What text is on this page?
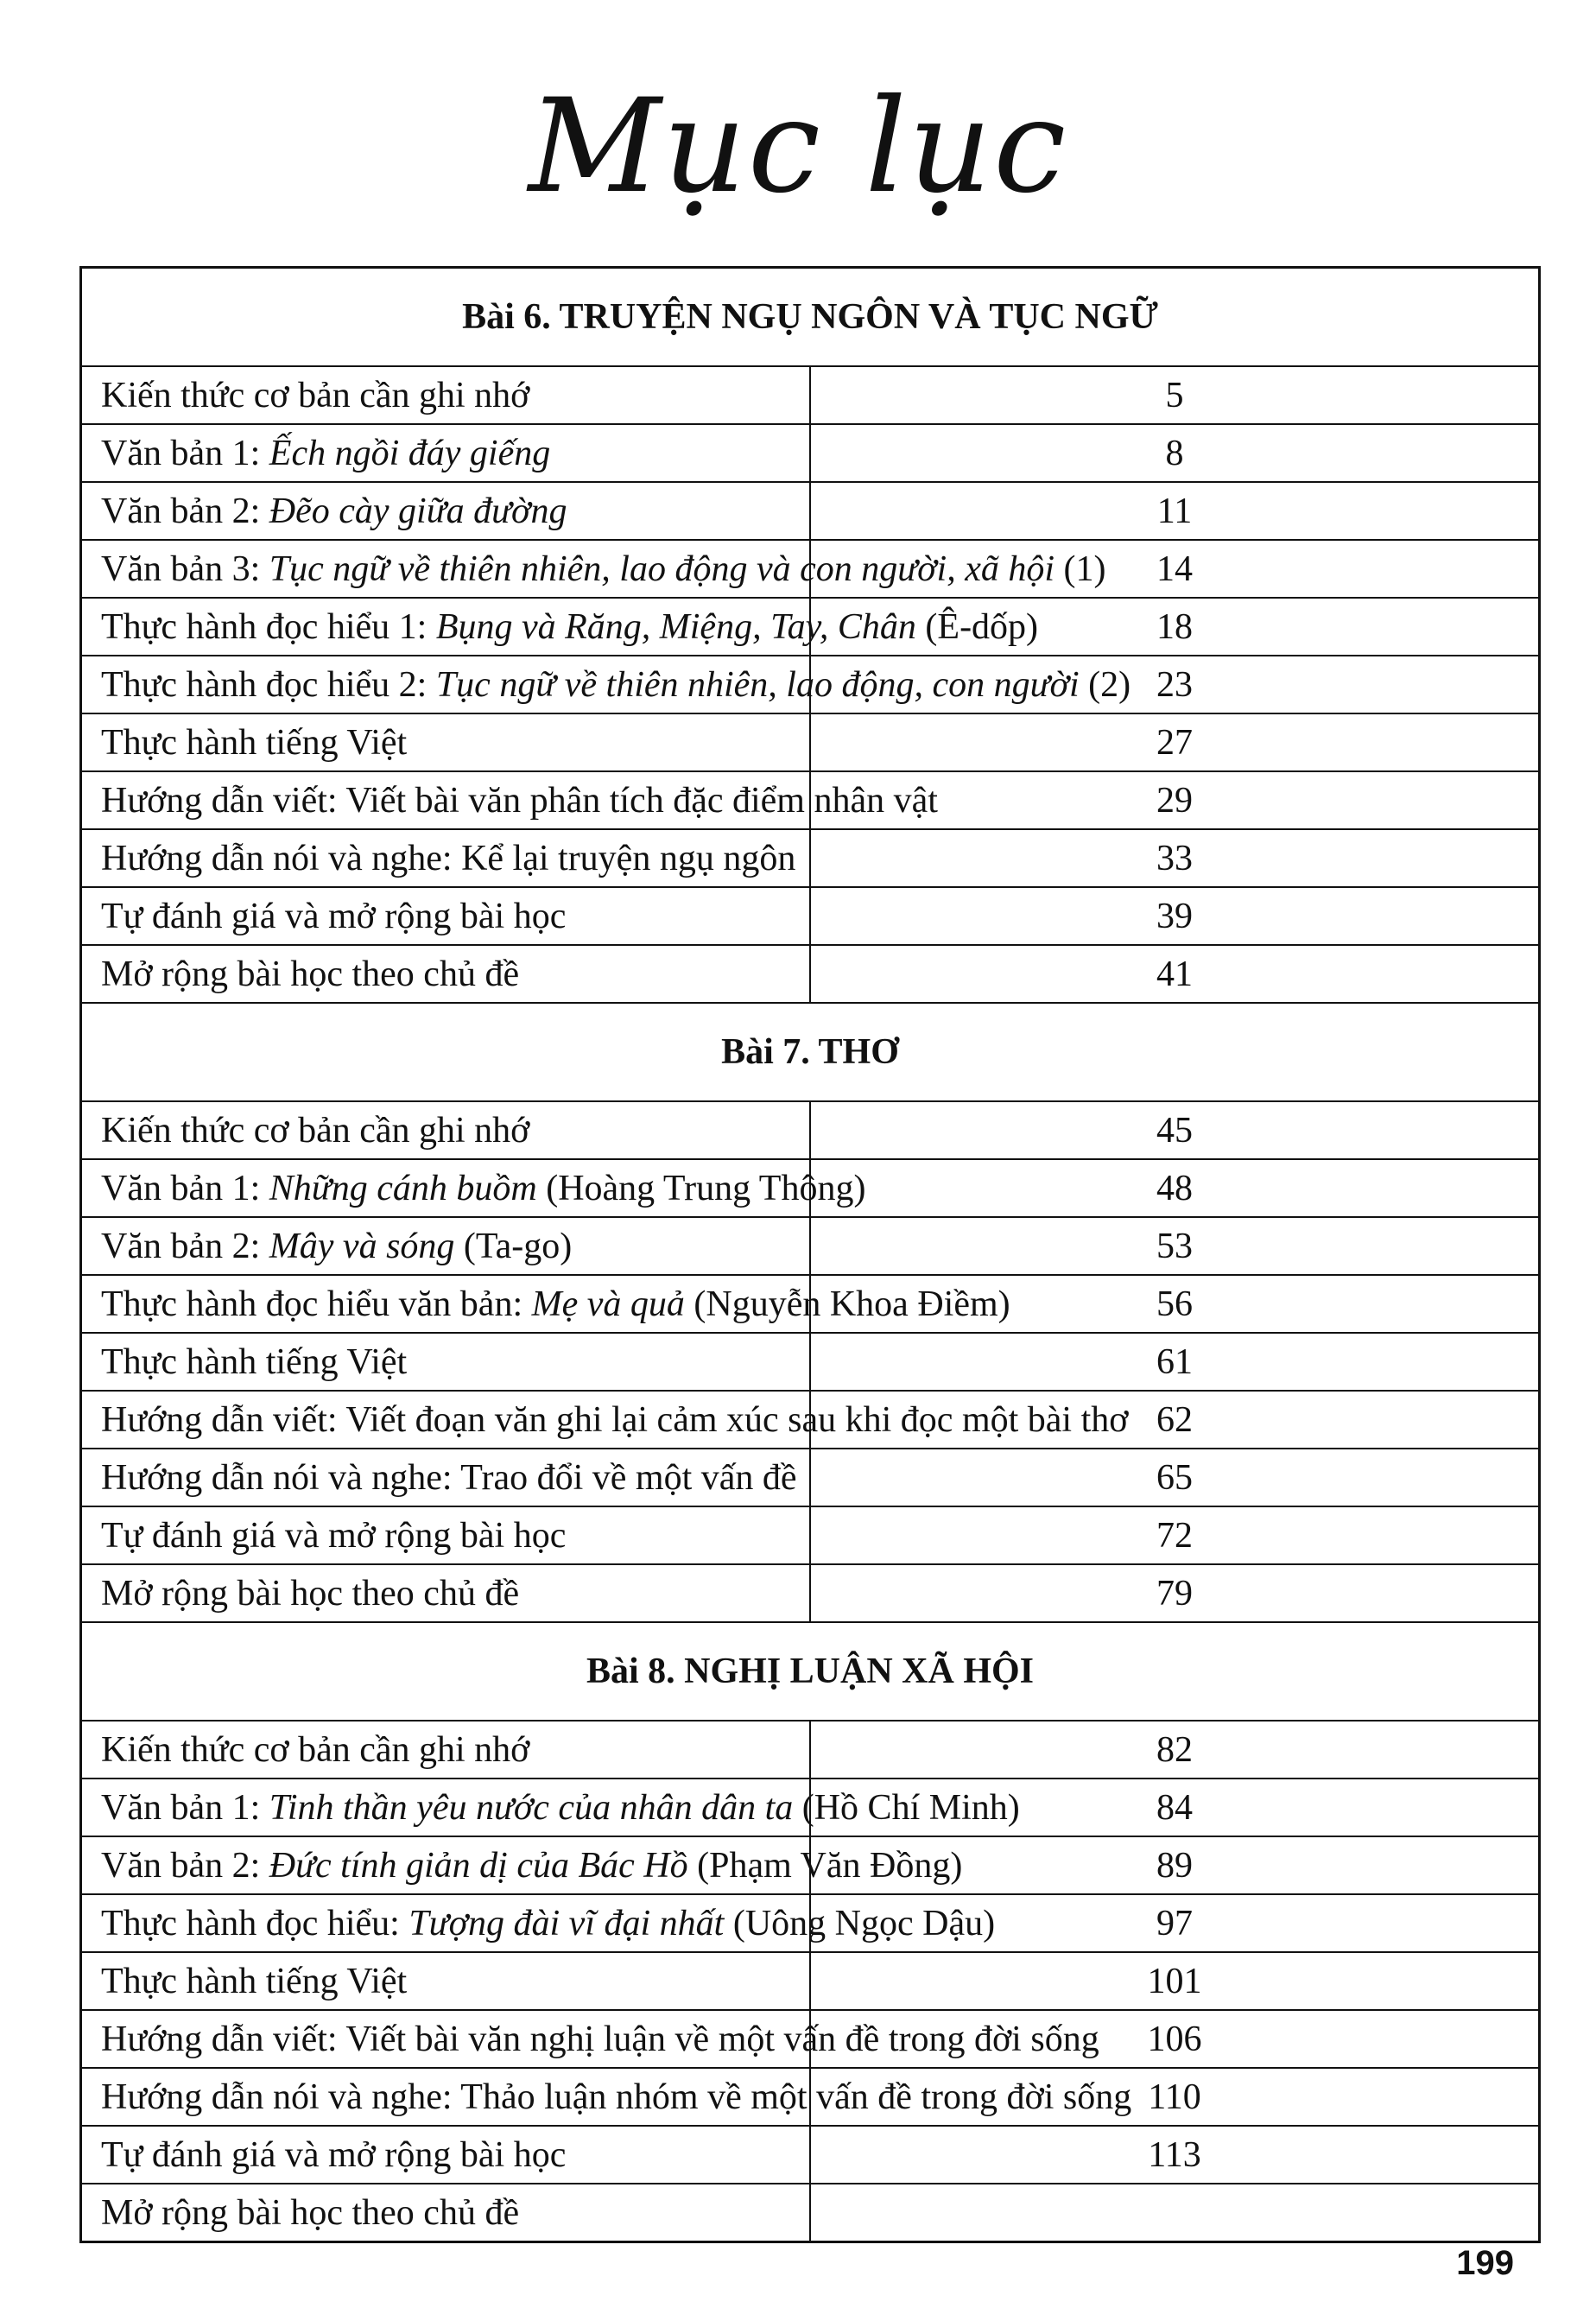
Mục lục
Bài 6. TRUYỆN NGỤ NGÔN VÀ TỤC NGỮ	
Kiến thức cơ bản cần ghi nhớ	5
Văn bản 1: Ếch ngồi đáy giếng	8
Văn bản 2: Đẽo cày giữa đường	11
Văn bản 3: Tục ngữ về thiên nhiên, lao động và con người, xã hội (1)	14
Thực hành đọc hiểu 1: Bụng và Răng, Miệng, Tay, Chân (Ê-dốp)	18
Thực hành đọc hiểu 2: Tục ngữ về thiên nhiên, lao động, con người (2)	23
Thực hành tiếng Việt	27
Hướng dẫn viết: Viết bài văn phân tích đặc điểm nhân vật	29
Hướng dẫn nói và nghe: Kể lại truyện ngụ ngôn	33
Tự đánh giá và mở rộng bài học	39
Mở rộng bài học theo chủ đề	41
Bài 7. THƠ	
Kiến thức cơ bản cần ghi nhớ	45
Văn bản 1: Những cánh buồm (Hoàng Trung Thông)	48
Văn bản 2: Mây và sóng (Ta-go)	53
Thực hành đọc hiểu văn bản: Mẹ và quả (Nguyễn Khoa Điềm)	56
Thực hành tiếng Việt	61
Hướng dẫn viết: Viết đoạn văn ghi lại cảm xúc sau khi đọc một bài thơ	62
Hướng dẫn nói và nghe: Trao đổi về một vấn đề	65
Tự đánh giá và mở rộng bài học	72
Mở rộng bài học theo chủ đề	79
Bài 8. NGHỊ LUẬN XÃ HỘI	
Kiến thức cơ bản cần ghi nhớ	82
Văn bản 1: Tinh thần yêu nước của nhân dân ta (Hồ Chí Minh)	84
Văn bản 2: Đức tính giản dị của Bác Hồ (Phạm Văn Đồng)	89
Thực hành đọc hiểu: Tượng đài vĩ đại nhất (Uông Ngọc Dậu)	97
Thực hành tiếng Việt	101
Hướng dẫn viết: Viết bài văn nghị luận về một vấn đề trong đời sống	106
Hướng dẫn nói và nghe: Thảo luận nhóm về một vấn đề trong đời sống	110
Tự đánh giá và mở rộng bài học	113
Mở rộng bài học theo chủ đề	
199
